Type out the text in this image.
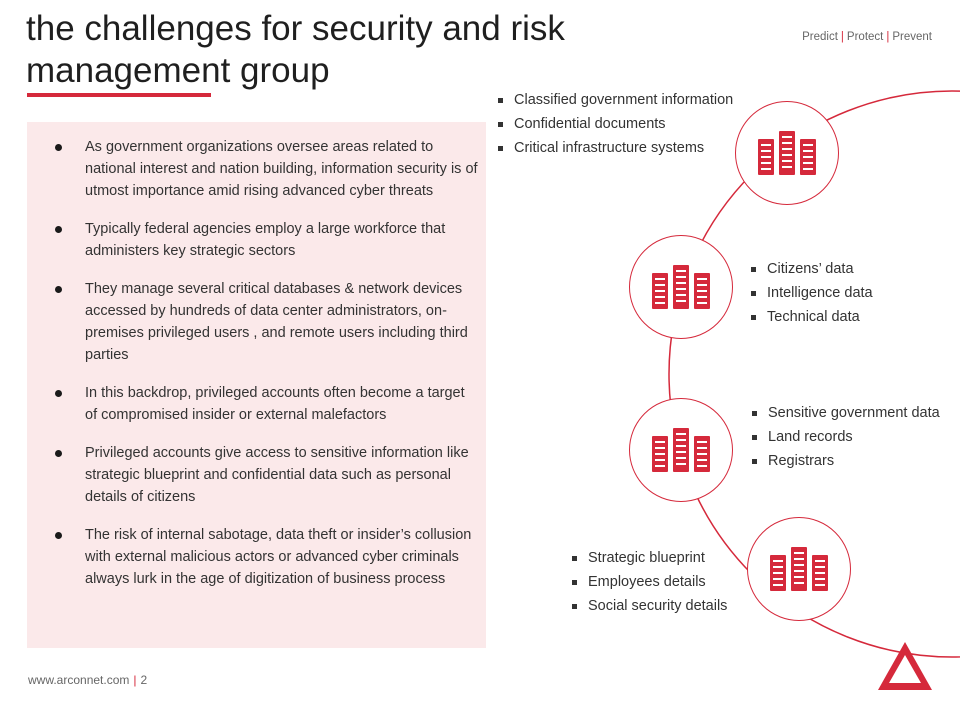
the challenges for security and risk management group
Predict | Protect | Prevent
As government organizations oversee areas related to national interest and nation building, information security is of utmost importance amid rising advanced cyber threats
Typically federal agencies employ a large workforce that administers key strategic sectors
They manage several critical databases & network devices accessed by hundreds of data center administrators, on-premises privileged users , and remote users including third parties
In this backdrop, privileged accounts often become a target of compromised insider or external malefactors
Privileged accounts give access to sensitive information like strategic blueprint and confidential data such as personal details of citizens
The risk of internal sabotage, data theft or insider’s collusion with external malicious actors or advanced cyber criminals always lurk in the age of digitization of business process
Classified government information
Confidential documents
Critical infrastructure systems
Citizens’ data
Intelligence data
Technical data
Sensitive government data
Land records
Registrars
Strategic blueprint
Employees details
Social security details
www.arconnet.com | 2
